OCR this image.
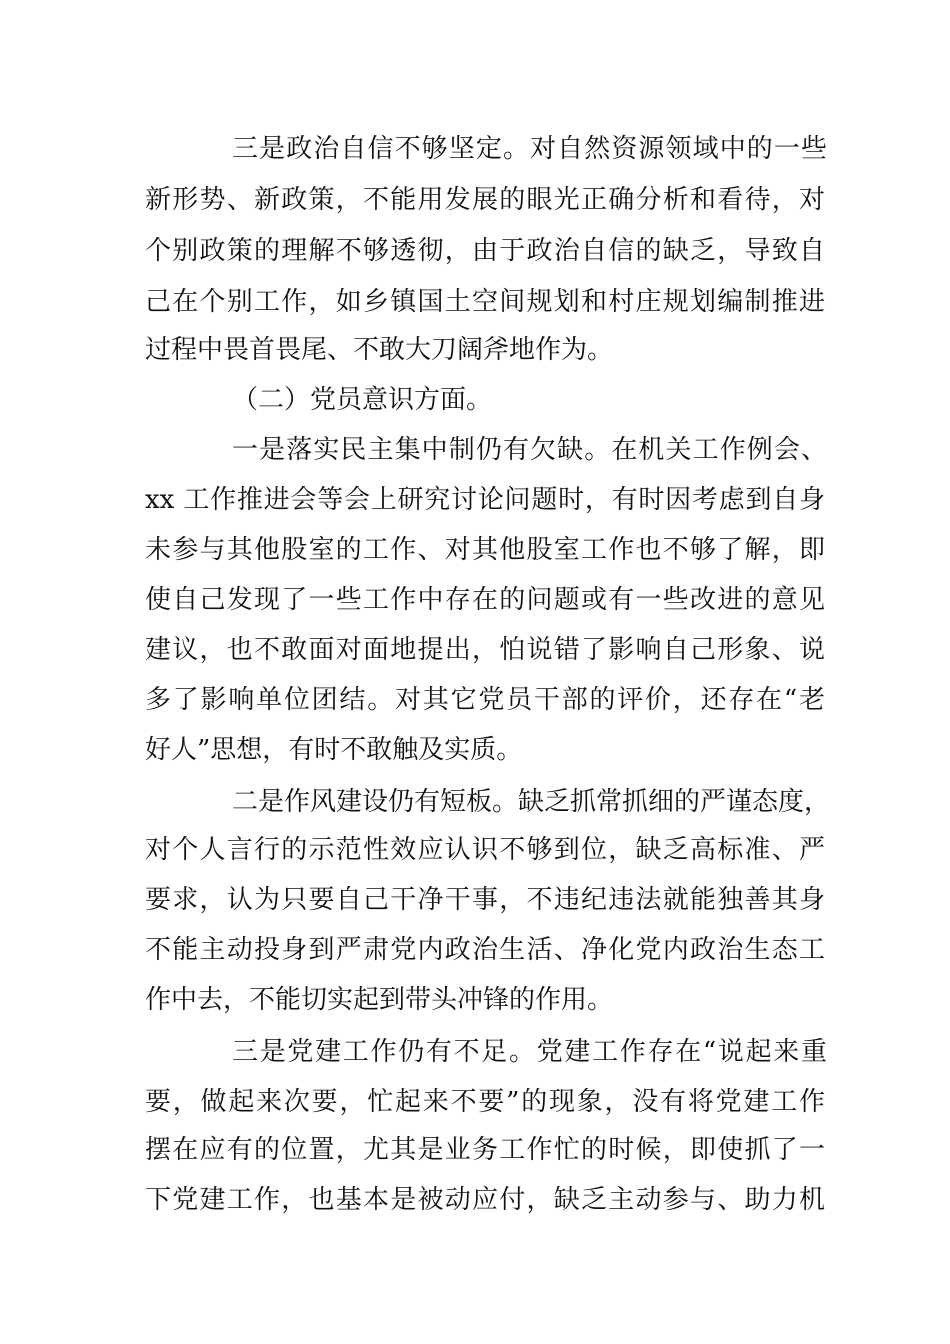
三是政治自信不够坚定。对自然资源领域中的一些
新形势、新政策，不能用发展的眼光正确分析和看待，对
个别政策的理解不够透彻，由于政治自信的缺乏，导致自
己在个别工作，如乡镇国土空间规划和村庄规划编制推进
过程中畏首畏尾、不敢大刀阔斧地作为。
（二）党员意识方面。
一是落实民主集中制仍有欠缺。在机关工作例会、
xx 工作推进会等会上研究讨论问题时，有时因考虑到自身
未参与其他股室的工作、对其他股室工作也不够了解，即
使自己发现了一些工作中存在的问题或有一些改进的意见
建议，也不敢面对面地提出，怕说错了影响自己形象、说
多了影响单位团结。对其它党员干部的评价，还存在“老
好人”思想，有时不敢触及实质。
二是作风建设仍有短板。缺乏抓常抓细的严谨态度，
对个人言行的示范性效应认识不够到位，缺乏高标准、严
要求，认为只要自己干净干事，不违纪违法就能独善其身
不能主动投身到严肃党内政治生活、净化党内政治生态工
作中去，不能切实起到带头冲锋的作用。
三是党建工作仍有不足。党建工作存在“说起来重
要，做起来次要，忙起来不要”的现象，没有将党建工作
摆在应有的位置，尤其是业务工作忙的时候，即使抓了一
下党建工作，也基本是被动应付，缺乏主动参与、助力机
